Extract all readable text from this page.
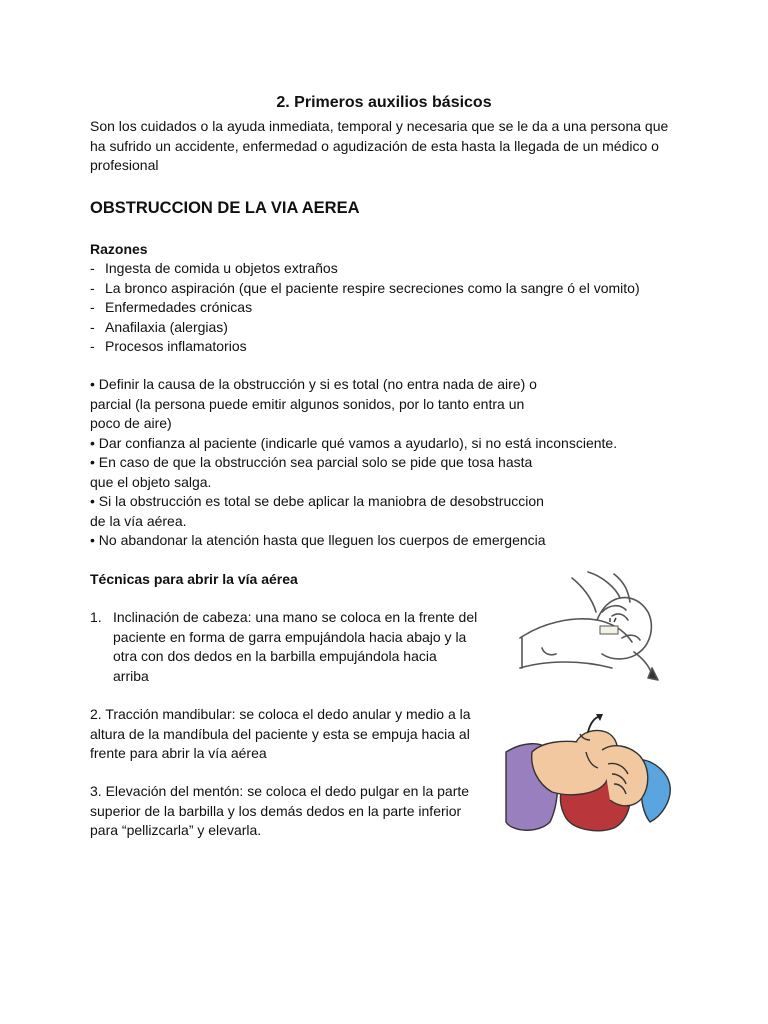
2. Primeros auxilios básicos
Son los cuidados o la ayuda inmediata, temporal y necesaria que se le da a una persona que
ha sufrido un accidente, enfermedad o agudización de esta hasta la llegada de un médico o
profesional
OBSTRUCCION DE LA VIA AEREA
Razones
- Ingesta de comida u objetos extraños
- La bronco aspiración (que el paciente respire secreciones como la sangre ó el vomito)
- Enfermedades crónicas
- Anafilaxia (alergias)
- Procesos inflamatorios
• Definir la causa de la obstrucción y si es total (no entra nada de aire) o
parcial (la persona puede emitir algunos sonidos, por lo tanto entra un
poco de aire)
• Dar confianza al paciente (indicarle qué vamos a ayudarlo), si no está inconsciente.
• En caso de que la obstrucción sea parcial solo se pide que tosa hasta
que el objeto salga.
• Si la obstrucción es total se debe aplicar la maniobra de desobstruccion
de la vía aérea.
• No abandonar la atención hasta que lleguen los cuerpos de emergencia
Técnicas para abrir la vía aérea
1. Inclinación de cabeza: una mano se coloca en la frente del
paciente en forma de garra empujándola hacia abajo y la
otra con dos dedos en la barbilla empujándola hacia
arriba
2. Tracción mandibular: se coloca el dedo anular y medio a la
altura de la mandíbula del paciente y esta se empuja hacia al
frente para abrir la vía aérea
3. Elevación del mentón: se coloca el dedo pulgar en la parte
superior de la barbilla y los demás dedos en la parte inferior
para “pellizcarla” y elevarla.
